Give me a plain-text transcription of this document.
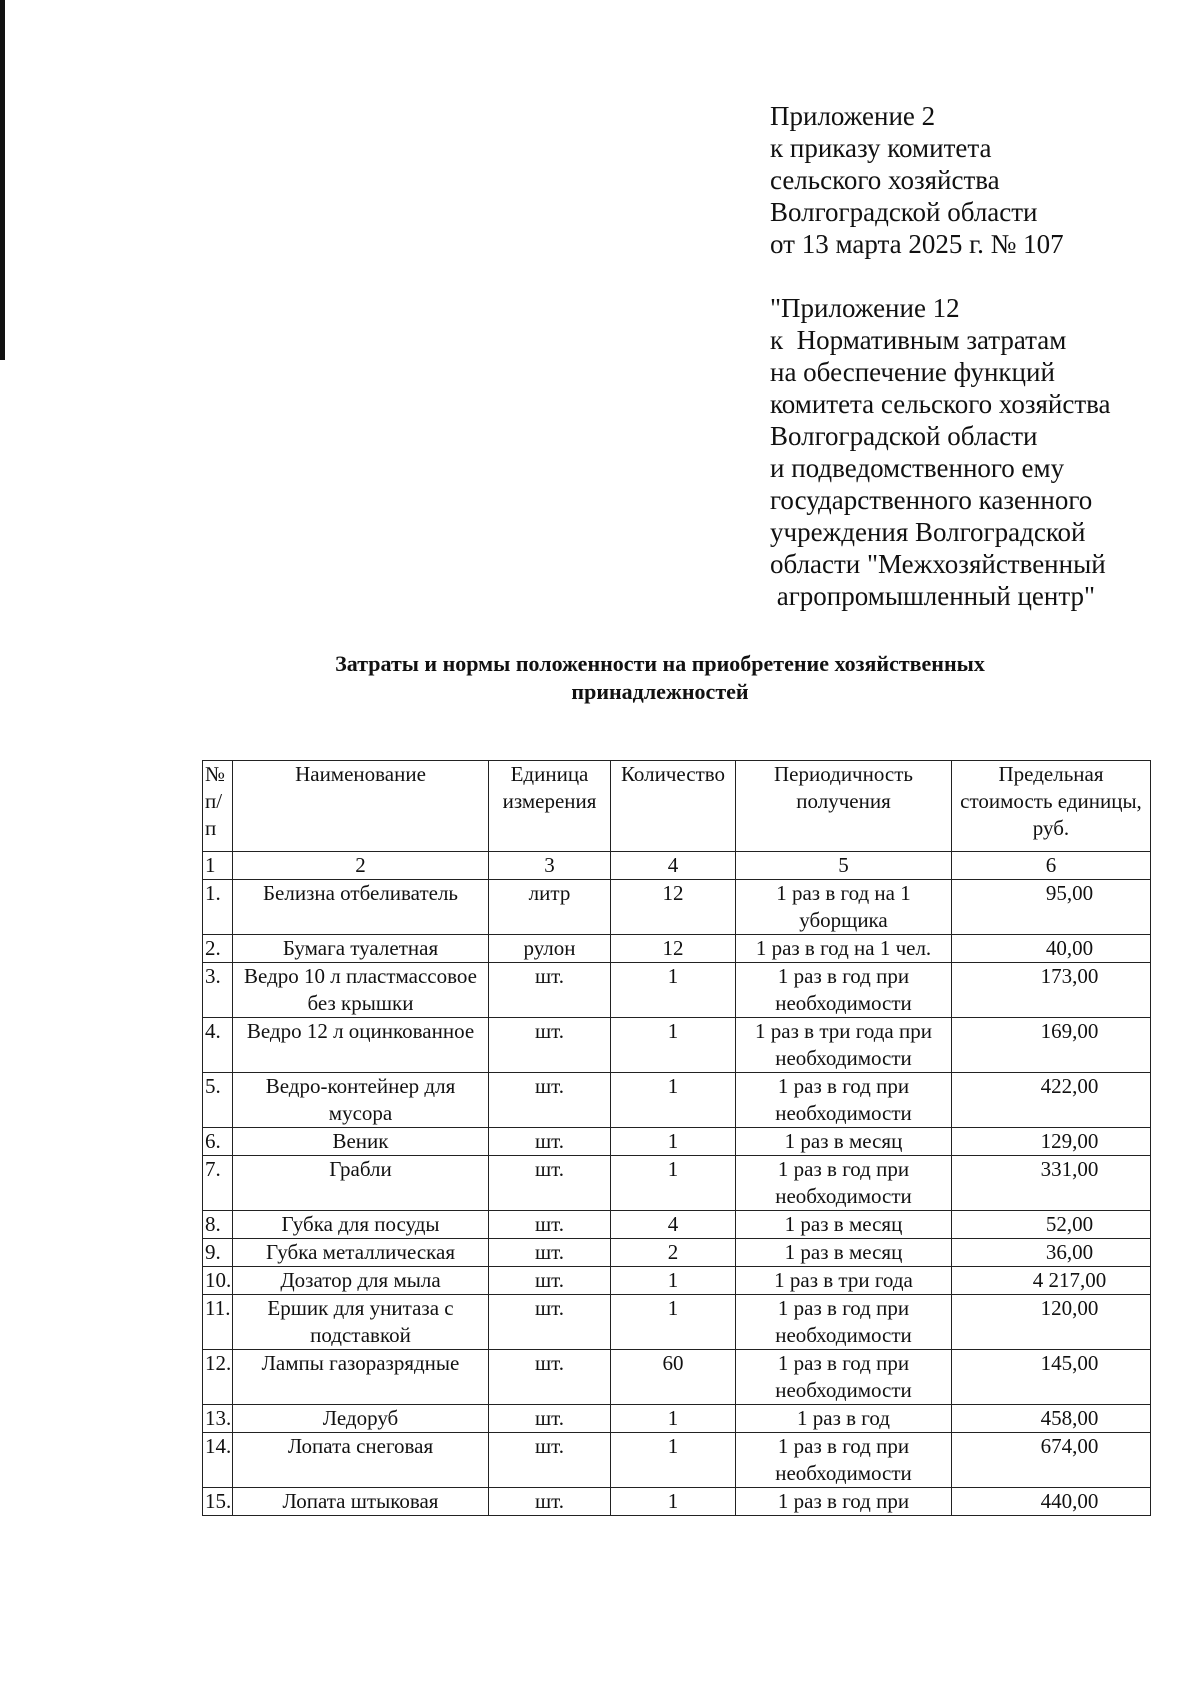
Приложение 2
к приказу комитета
сельского хозяйства
Волгоградской области
от 13 марта 2025 г. № 107
"Приложение 12
к  Нормативным затратам
на обеспечение функций
комитета сельского хозяйства
Волгоградской области
и подведомственного ему
государственного казенного
учреждения Волгоградской
области "Межхозяйственный
агропромышленный центр"
Затраты и нормы положенности на приобретение хозяйственных
принадлежностей
№ п/п	Наименование	Единица измерения	Количество	Периодичность получения	Предельная стоимость единицы, руб.
1	2	3	4	5	6
1.	Белизна отбеливатель	литр	12	1 раз в год на 1 уборщика	95,00
2.	Бумага туалетная	рулон	12	1 раз в год на 1 чел.	40,00
3.	Ведро 10 л пластмассовое без крышки	шт.	1	1 раз в год при необходимости	173,00
4.	Ведро 12 л оцинкованное	шт.	1	1 раз в три года при необходимости	169,00
5.	Ведро-контейнер для мусора	шт.	1	1 раз в год при необходимости	422,00
6.	Веник	шт.	1	1 раз в месяц	129,00
7.	Грабли	шт.	1	1 раз в год при необходимости	331,00
8.	Губка для посуды	шт.	4	1 раз в месяц	52,00
9.	Губка металлическая	шт.	2	1 раз в месяц	36,00
10.	Дозатор для мыла	шт.	1	1 раз в три года	4 217,00
11.	Ершик для унитаза с подставкой	шт.	1	1 раз в год при необходимости	120,00
12.	Лампы газоразрядные	шт.	60	1 раз в год при необходимости	145,00
13.	Ледоруб	шт.	1	1 раз в год	458,00
14.	Лопата снеговая	шт.	1	1 раз в год при необходимости	674,00
15.	Лопата штыковая	шт.	1	1 раз в год при	440,00
